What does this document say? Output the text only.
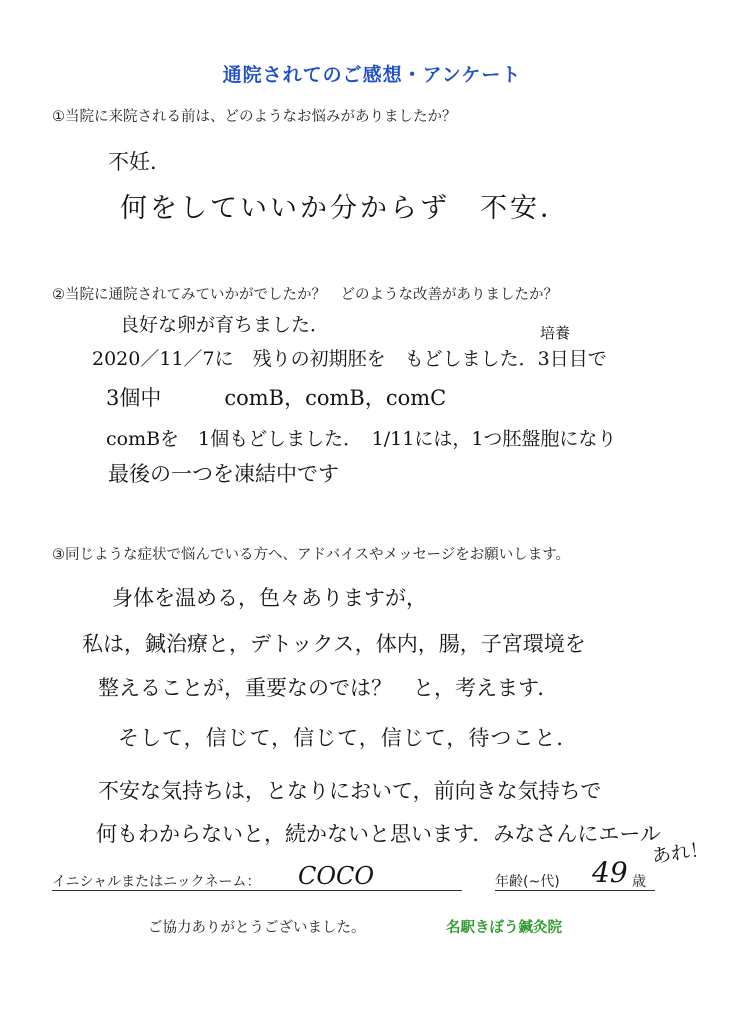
通院されてのご感想・アンケート
①当院に来院される前は、どのようなお悩みがありましたか？
不妊．
何をしていいか分からず　不安．
②当院に通院されてみていかがでしたか？　どのような改善がありましたか？
培養
良好な卵が育ちました．
2020／11／7に　残りの初期胚を　もどしました．3日目で
3個中　　　comB，comB，comC
comBを　1個もどしました．　1/11には，1つ胚盤胞になり
最後の一つを凍結中です
③同じような症状で悩んでいる方へ、アドバイスやメッセージをお願いします。
身体を温める，色々ありますが，
私は，鍼治療と，デトックス，体内，腸，子宮環境を
整えることが，重要なのでは？　と，考えます．
そして，信じて，信じて，信じて，待つこと．
不安な気持ちは，となりにおいて，前向きな気持ちで
何もわからないと，続かないと思います．みなさんにエール
あれ！
イニシャルまたはニックネーム： COCO	年齢(~代) 49 歳
ご協力ありがとうございました。	名駅きぼう鍼灸院
